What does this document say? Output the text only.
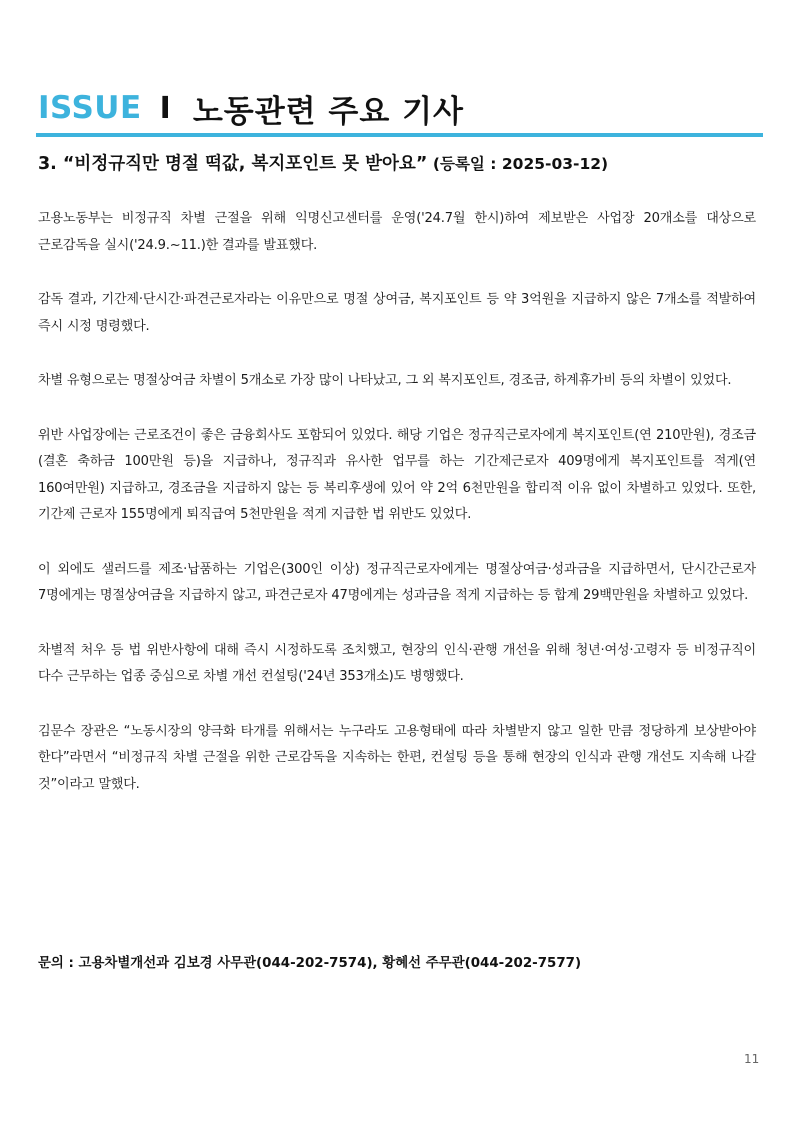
ISSUE I 노동관련 주요 기사
3. “비정규직만 명절 떡값, 복지포인트 못 받아요” (등록일 : 2025-03-12)

고용노동부는 비정규직 차별 근절을 위해 익명신고센터를 운영('24.7월 한시)하여 제보받은 사업장 20개소를 대상으로 근로감독을 실시('24.9.~11.)한 결과를 발표했다.

감독 결과, 기간제·단시간·파견근로자라는 이유만으로 명절 상여금, 복지포인트 등 약 3억원을 지급하지 않은 7개소를 적발하여 즉시 시정 명령했다.

차별 유형으로는 명절상여금 차별이 5개소로 가장 많이 나타났고, 그 외 복지포인트, 경조금, 하계휴가비 등의 차별이 있었다.

위반 사업장에는 근로조건이 좋은 금융회사도 포함되어 있었다. 해당 기업은 정규직근로자에게 복지포인트(연 210만원), 경조금(결혼 축하금 100만원 등)을 지급하나, 정규직과 유사한 업무를 하는 기간제근로자 409명에게 복지포인트를 적게(연 160여만원) 지급하고, 경조금을 지급하지 않는 등 복리후생에 있어 약 2억 6천만원을 합리적 이유 없이 차별하고 있었다. 또한, 기간제 근로자 155명에게 퇴직급여 5천만원을 적게 지급한 법 위반도 있었다.

이 외에도 샐러드를 제조·납품하는 기업은(300인 이상) 정규직근로자에게는 명절상여금·성과금을 지급하면서, 단시간근로자 7명에게는 명절상여금을 지급하지 않고, 파견근로자 47명에게는 성과금을 적게 지급하는 등 합계 29백만원을 차별하고 있었다.

차별적 처우 등 법 위반사항에 대해 즉시 시정하도록 조치했고, 현장의 인식·관행 개선을 위해 청년·여성·고령자 등 비정규직이 다수 근무하는 업종 중심으로 차별 개선 컨설팅('24년 353개소)도 병행했다.

김문수 장관은 “노동시장의 양극화 타개를 위해서는 누구라도 고용형태에 따라 차별받지 않고 일한 만큼 정당하게 보상받아야 한다”라면서 “비정규직 차별 근절을 위한 근로감독을 지속하는 한편, 컨설팅 등을 통해 현장의 인식과 관행 개선도 지속해 나갈 것”이라고 말했다.

문의 : 고용차별개선과 김보경 사무관(044-202-7574), 황혜선 주무관(044-202-7577)
11
